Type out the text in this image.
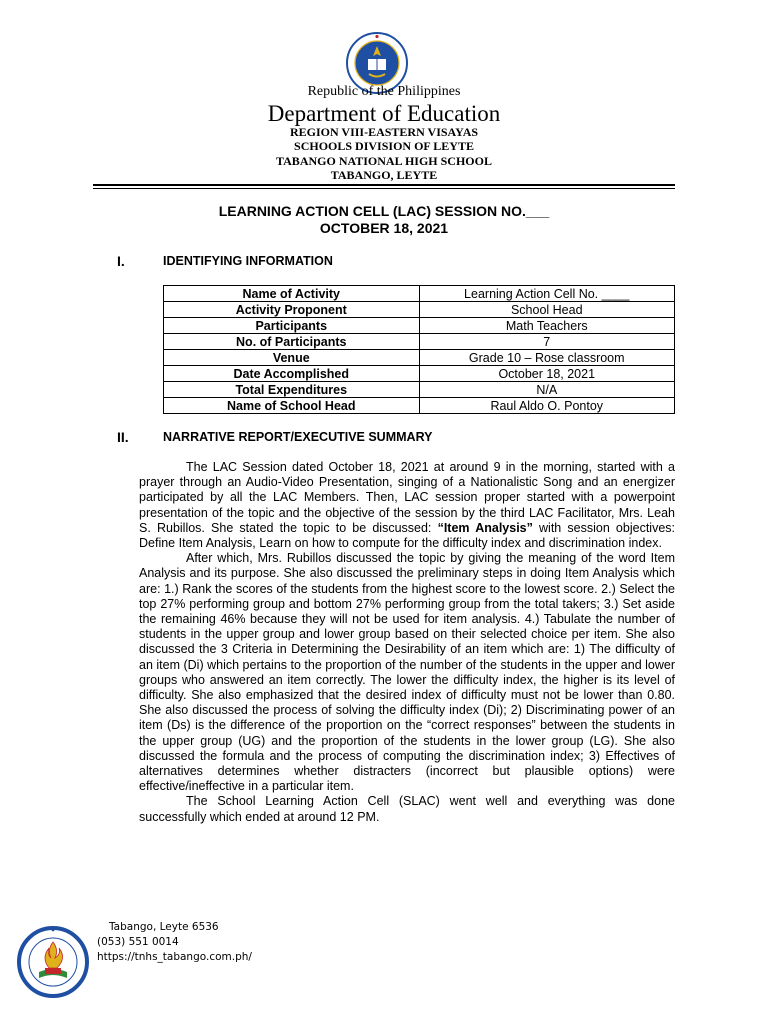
Republic of the Philippines
Department of Education
REGION VIII-EASTERN VISAYAS
SCHOOLS DIVISION OF LEYTE
TABANGO NATIONAL HIGH SCHOOL
TABANGO, LEYTE
LEARNING ACTION CELL (LAC) SESSION NO.___
OCTOBER 18, 2021
I.	IDENTIFYING INFORMATION
Name of Activity	Learning Action Cell No. ____
Activity Proponent	School Head
Participants	Math Teachers
No. of Participants	7
Venue	Grade 10 – Rose classroom
Date Accomplished	October 18, 2021
Total Expenditures	N/A
Name of School Head	Raul Aldo O. Pontoy
II.	NARRATIVE REPORT/EXECUTIVE SUMMARY

The LAC Session dated October 18, 2021 at around 9 in the morning, started with a prayer through an Audio-Video Presentation, singing of a Nationalistic Song and an energizer participated by all the LAC Members. Then, LAC session proper started with a powerpoint presentation of the topic and the objective of the session by the third LAC Facilitator, Mrs. Leah S. Rubillos. She stated the topic to be discussed: “Item Analysis” with session objectives: Define Item Analysis, Learn on how to compute for the difficulty index and discrimination index.

After which, Mrs. Rubillos discussed the topic by giving the meaning of the word Item Analysis and its purpose. She also discussed the preliminary steps in doing Item Analysis which are: 1.) Rank the scores of the students from the highest score to the lowest score. 2.) Select the top 27% performing group and bottom 27% performing group from the total takers; 3.) Set aside the remaining 46% because they will not be used for item analysis. 4.) Tabulate the number of students in the upper group and lower group based on their selected choice per item. She also discussed the 3 Criteria in Determining the Desirability of an item which are: 1) The difficulty of an item (Di) which pertains to the proportion of the number of the students in the upper and lower groups who answered an item correctly. The lower the difficulty index, the higher is its level of difficulty. She also emphasized that the desired index of difficulty must not be lower than 0.80. She also discussed the process of solving the difficulty index (Di); 2) Discriminating power of an item (Ds) is the difference of the proportion on the “correct responses” between the students in the upper group (UG) and the proportion of the students in the lower group (LG). She also discussed the formula and the process of computing the discrimination index; 3) Effectives of alternatives determines whether distracters (incorrect but plausible options) were effective/ineffective in a particular item.

The School Learning Action Cell (SLAC) went well and everything was done successfully which ended at around 12 PM.

Tabango, Leyte 6536
(053) 551 0014
https://tnhs_tabango.com.ph/
